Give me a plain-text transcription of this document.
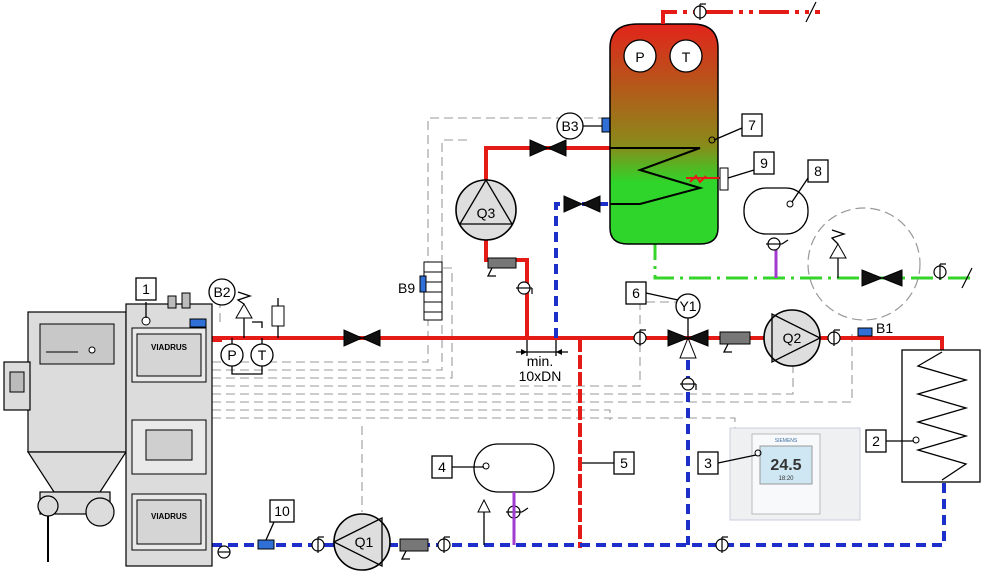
VIADRUS
VIADRUS
P T
Q3
Q2
Q1
Y1
P	T
SIEMENS
24.5
18:20
min.
10xDN
1	B2
B3
B9
B1
2
3
4	5
6
7
8
9
10
